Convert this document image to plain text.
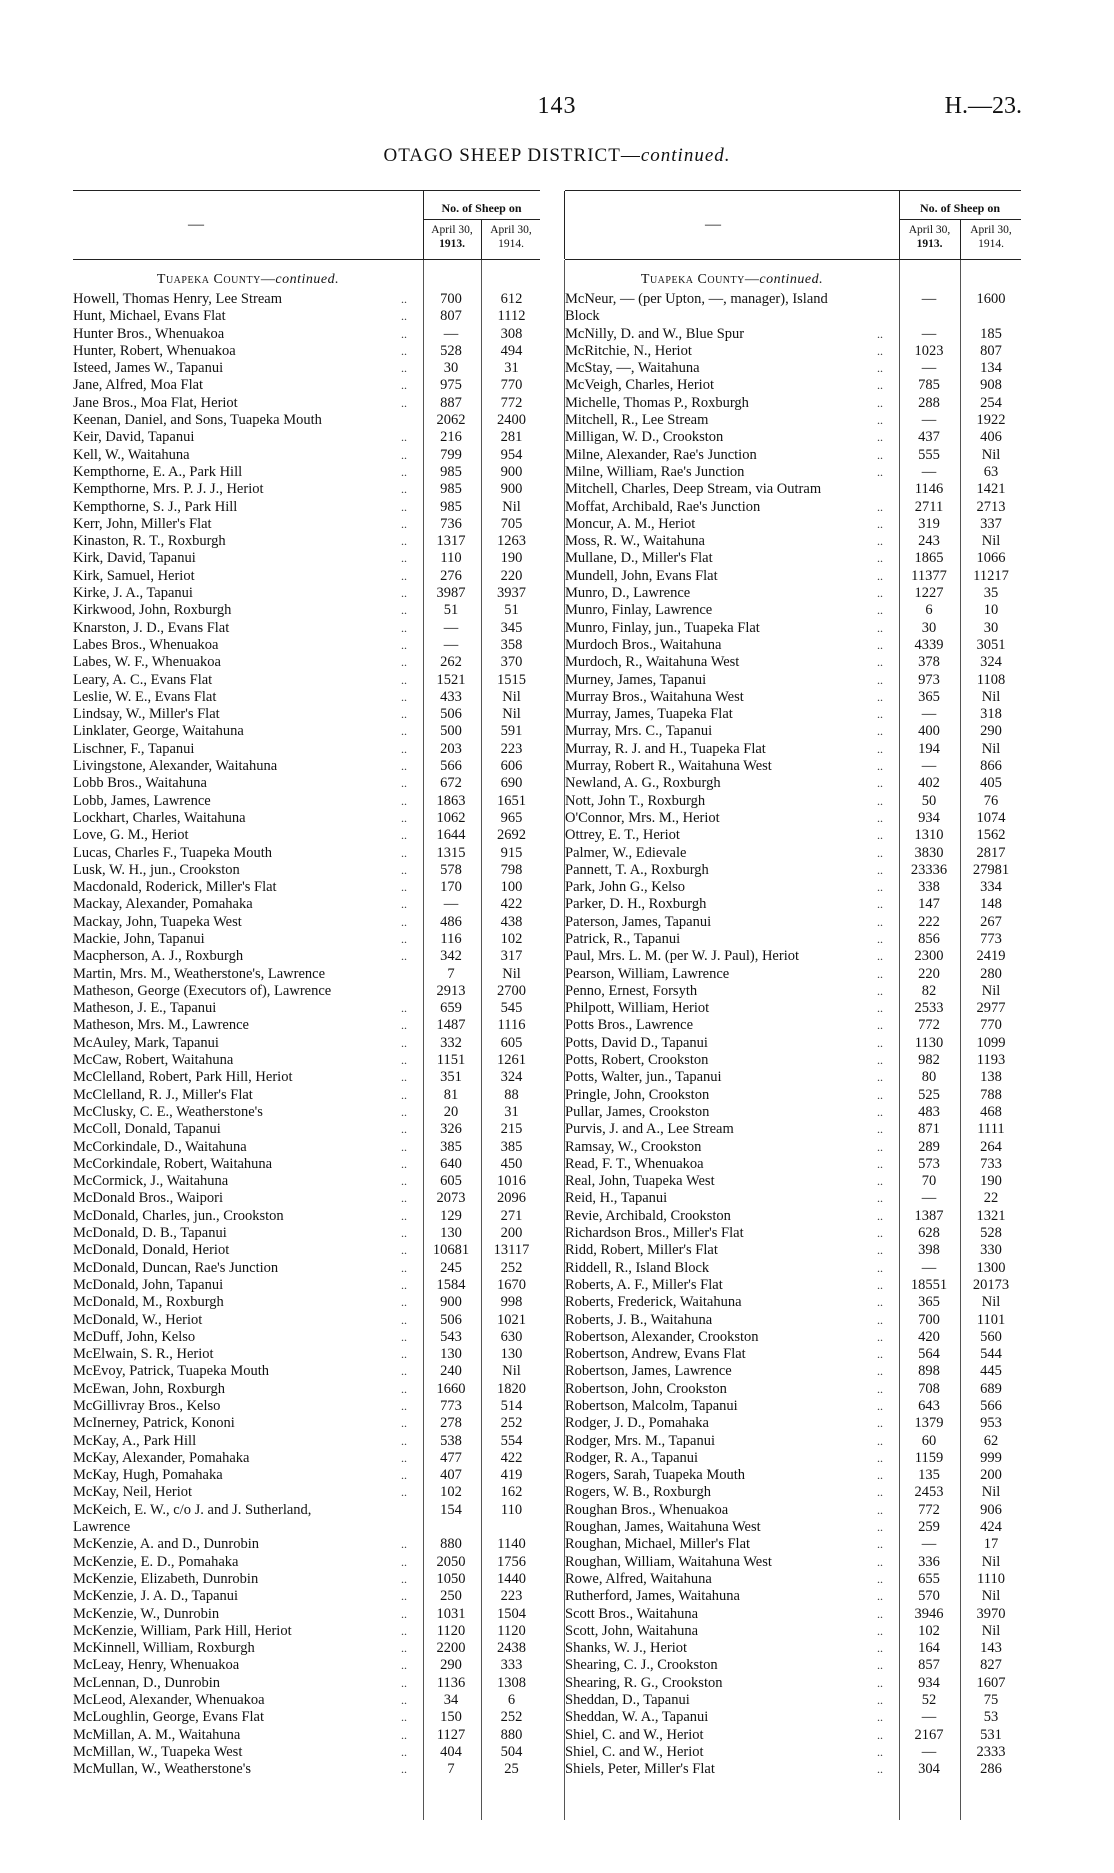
143	H.—23.
OTAGO SHEEP DISTRICT—continued.
—
No. of Sheep on
April 30,
1913.
April 30,
1914.
Tuapeka County—continued.
Howell, Thomas Henry, Lee Stream	..	700	612
Hunt, Michael, Evans Flat	..	807	1112
Hunter Bros., Whenuakoa	..	—	308
Hunter, Robert, Whenuakoa	..	528	494
Isteed, James W., Tapanui	..	30	31
Jane, Alfred, Moa Flat	..	975	770
Jane Bros., Moa Flat, Heriot	..	887	772
Keenan, Daniel, and Sons, Tuapeka Mouth	2062	2400
Keir, David, Tapanui	..	216	281
Kell, W., Waitahuna	..	799	954
Kempthorne, E. A., Park Hill	..	985	900
Kempthorne, Mrs. P. J. J., Heriot	..	985	900
Kempthorne, S. J., Park Hill	..	985	Nil
Kerr, John, Miller's Flat	..	736	705
Kinaston, R. T., Roxburgh	..	1317	1263
Kirk, David, Tapanui	..	110	190
Kirk, Samuel, Heriot	..	276	220
Kirke, J. A., Tapanui	..	3987	3937
Kirkwood, John, Roxburgh	..	51	51
Knarston, J. D., Evans Flat	..	—	345
Labes Bros., Whenuakoa	..	—	358
Labes, W. F., Whenuakoa	..	262	370
Leary, A. C., Evans Flat	..	1521	1515
Leslie, W. E., Evans Flat	..	433	Nil
Lindsay, W., Miller's Flat	..	506	Nil
Linklater, George, Waitahuna	..	500	591
Lischner, F., Tapanui	..	203	223
Livingstone, Alexander, Waitahuna	..	566	606
Lobb Bros., Waitahuna	..	672	690
Lobb, James, Lawrence	..	1863	1651
Lockhart, Charles, Waitahuna	..	1062	965
Love, G. M., Heriot	..	1644	2692
Lucas, Charles F., Tuapeka Mouth	..	1315	915
Lusk, W. H., jun., Crookston	..	578	798
Macdonald, Roderick, Miller's Flat	..	170	100
Mackay, Alexander, Pomahaka	..	—	422
Mackay, John, Tuapeka West	..	486	438
Mackie, John, Tapanui	..	116	102
Macpherson, A. J., Roxburgh	..	342	317
Martin, Mrs. M., Weatherstone's, Lawrence	7	Nil
Matheson, George (Executors of), Lawrence	2913	2700
Matheson, J. E., Tapanui	..	659	545
Matheson, Mrs. M., Lawrence	..	1487	1116
McAuley, Mark, Tapanui	..	332	605
McCaw, Robert, Waitahuna	..	1151	1261
McClelland, Robert, Park Hill, Heriot	..	351	324
McClelland, R. J., Miller's Flat	..	81	88
McClusky, C. E., Weatherstone's	..	20	31
McColl, Donald, Tapanui	..	326	215
McCorkindale, D., Waitahuna	..	385	385
McCorkindale, Robert, Waitahuna	..	640	450
McCormick, J., Waitahuna	..	605	1016
McDonald Bros., Waipori	..	2073	2096
McDonald, Charles, jun., Crookston	..	129	271
McDonald, D. B., Tapanui	..	130	200
McDonald, Donald, Heriot	..	10681	13117
McDonald, Duncan, Rae's Junction	..	245	252
McDonald, John, Tapanui	..	1584	1670
McDonald, M., Roxburgh	..	900	998
McDonald, W., Heriot	..	506	1021
McDuff, John, Kelso	..	543	630
McElwain, S. R., Heriot	..	130	130
McEvoy, Patrick, Tuapeka Mouth	..	240	Nil
McEwan, John, Roxburgh	..	1660	1820
McGillivray Bros., Kelso	..	773	514
McInerney, Patrick, Kononi	..	278	252
McKay, A., Park Hill	..	538	554
McKay, Alexander, Pomahaka	..	477	422
McKay, Hugh, Pomahaka	..	407	419
McKay, Neil, Heriot	..	102	162
McKeich, E. W., c/o J. and J. Sutherland,	154	110
Lawrence
McKenzie, A. and D., Dunrobin	..	880	1140
McKenzie, E. D., Pomahaka	..	2050	1756
McKenzie, Elizabeth, Dunrobin	..	1050	1440
McKenzie, J. A. D., Tapanui	..	250	223
McKenzie, W., Dunrobin	..	1031	1504
McKenzie, William, Park Hill, Heriot	..	1120	1120
McKinnell, William, Roxburgh	..	2200	2438
McLeay, Henry, Whenuakoa	..	290	333
McLennan, D., Dunrobin	..	1136	1308
McLeod, Alexander, Whenuakoa	..	34	6
McLoughlin, George, Evans Flat	..	150	252
McMillan, A. M., Waitahuna	..	1127	880
McMillan, W., Tuapeka West	..	404	504
McMullan, W., Weatherstone's	..	7	25
—
No. of Sheep on
April 30,
1913.
April 30,
1914.
Tuapeka County—continued.
McNeur, — (per Upton, —, manager), Island	—	1600
Block
McNilly, D. and W., Blue Spur	..	—	185
McRitchie, N., Heriot	..	1023	807
McStay, —, Waitahuna	..	—	134
McVeigh, Charles, Heriot	..	785	908
Michelle, Thomas P., Roxburgh	..	288	254
Mitchell, R., Lee Stream	..	—	1922
Milligan, W. D., Crookston	..	437	406
Milne, Alexander, Rae's Junction	..	555	Nil
Milne, William, Rae's Junction	..	—	63
Mitchell, Charles, Deep Stream, via Outram	1146	1421
Moffat, Archibald, Rae's Junction	..	2711	2713
Moncur, A. M., Heriot	..	319	337
Moss, R. W., Waitahuna	..	243	Nil
Mullane, D., Miller's Flat	..	1865	1066
Mundell, John, Evans Flat	..	11377	11217
Munro, D., Lawrence	..	1227	35
Munro, Finlay, Lawrence	..	6	10
Munro, Finlay, jun., Tuapeka Flat	..	30	30
Murdoch Bros., Waitahuna	..	4339	3051
Murdoch, R., Waitahuna West	..	378	324
Murney, James, Tapanui	..	973	1108
Murray Bros., Waitahuna West	..	365	Nil
Murray, James, Tuapeka Flat	..	—	318
Murray, Mrs. C., Tapanui	..	400	290
Murray, R. J. and H., Tuapeka Flat	..	194	Nil
Murray, Robert R., Waitahuna West	..	—	866
Newland, A. G., Roxburgh	..	402	405
Nott, John T., Roxburgh	..	50	76
O'Connor, Mrs. M., Heriot	..	934	1074
Ottrey, E. T., Heriot	..	1310	1562
Palmer, W., Edievale	..	3830	2817
Pannett, T. A., Roxburgh	..	23336	27981
Park, John G., Kelso	..	338	334
Parker, D. H., Roxburgh	..	147	148
Paterson, James, Tapanui	..	222	267
Patrick, R., Tapanui	..	856	773
Paul, Mrs. L. M. (per W. J. Paul), Heriot	..	2300	2419
Pearson, William, Lawrence	..	220	280
Penno, Ernest, Forsyth	..	82	Nil
Philpott, William, Heriot	..	2533	2977
Potts Bros., Lawrence	..	772	770
Potts, David D., Tapanui	..	1130	1099
Potts, Robert, Crookston	..	982	1193
Potts, Walter, jun., Tapanui	..	80	138
Pringle, John, Crookston	..	525	788
Pullar, James, Crookston	..	483	468
Purvis, J. and A., Lee Stream	..	871	1111
Ramsay, W., Crookston	..	289	264
Read, F. T., Whenuakoa	..	573	733
Real, John, Tuapeka West	..	70	190
Reid, H., Tapanui	..	—	22
Revie, Archibald, Crookston	..	1387	1321
Richardson Bros., Miller's Flat	..	628	528
Ridd, Robert, Miller's Flat	..	398	330
Riddell, R., Island Block	..	—	1300
Roberts, A. F., Miller's Flat	..	18551	20173
Roberts, Frederick, Waitahuna	..	365	Nil
Roberts, J. B., Waitahuna	..	700	1101
Robertson, Alexander, Crookston	..	420	560
Robertson, Andrew, Evans Flat	..	564	544
Robertson, James, Lawrence	..	898	445
Robertson, John, Crookston	..	708	689
Robertson, Malcolm, Tapanui	..	643	566
Rodger, J. D., Pomahaka	..	1379	953
Rodger, Mrs. M., Tapanui	..	60	62
Rodger, R. A., Tapanui	..	1159	999
Rogers, Sarah, Tuapeka Mouth	..	135	200
Rogers, W. B., Roxburgh	..	2453	Nil
Roughan Bros., Whenuakoa	..	772	906
Roughan, James, Waitahuna West	..	259	424
Roughan, Michael, Miller's Flat	..	—	17
Roughan, William, Waitahuna West	..	336	Nil
Rowe, Alfred, Waitahuna	..	655	1110
Rutherford, James, Waitahuna	..	570	Nil
Scott Bros., Waitahuna	..	3946	3970
Scott, John, Waitahuna	..	102	Nil
Shanks, W. J., Heriot	..	164	143
Shearing, C. J., Crookston	..	857	827
Shearing, R. G., Crookston	..	934	1607
Sheddan, D., Tapanui	..	52	75
Sheddan, W. A., Tapanui	..	—	53
Shiel, C. and W., Heriot	..	2167	531
Shiel, C. and W., Heriot	..	—	2333
Shiels, Peter, Miller's Flat	..	304	286
